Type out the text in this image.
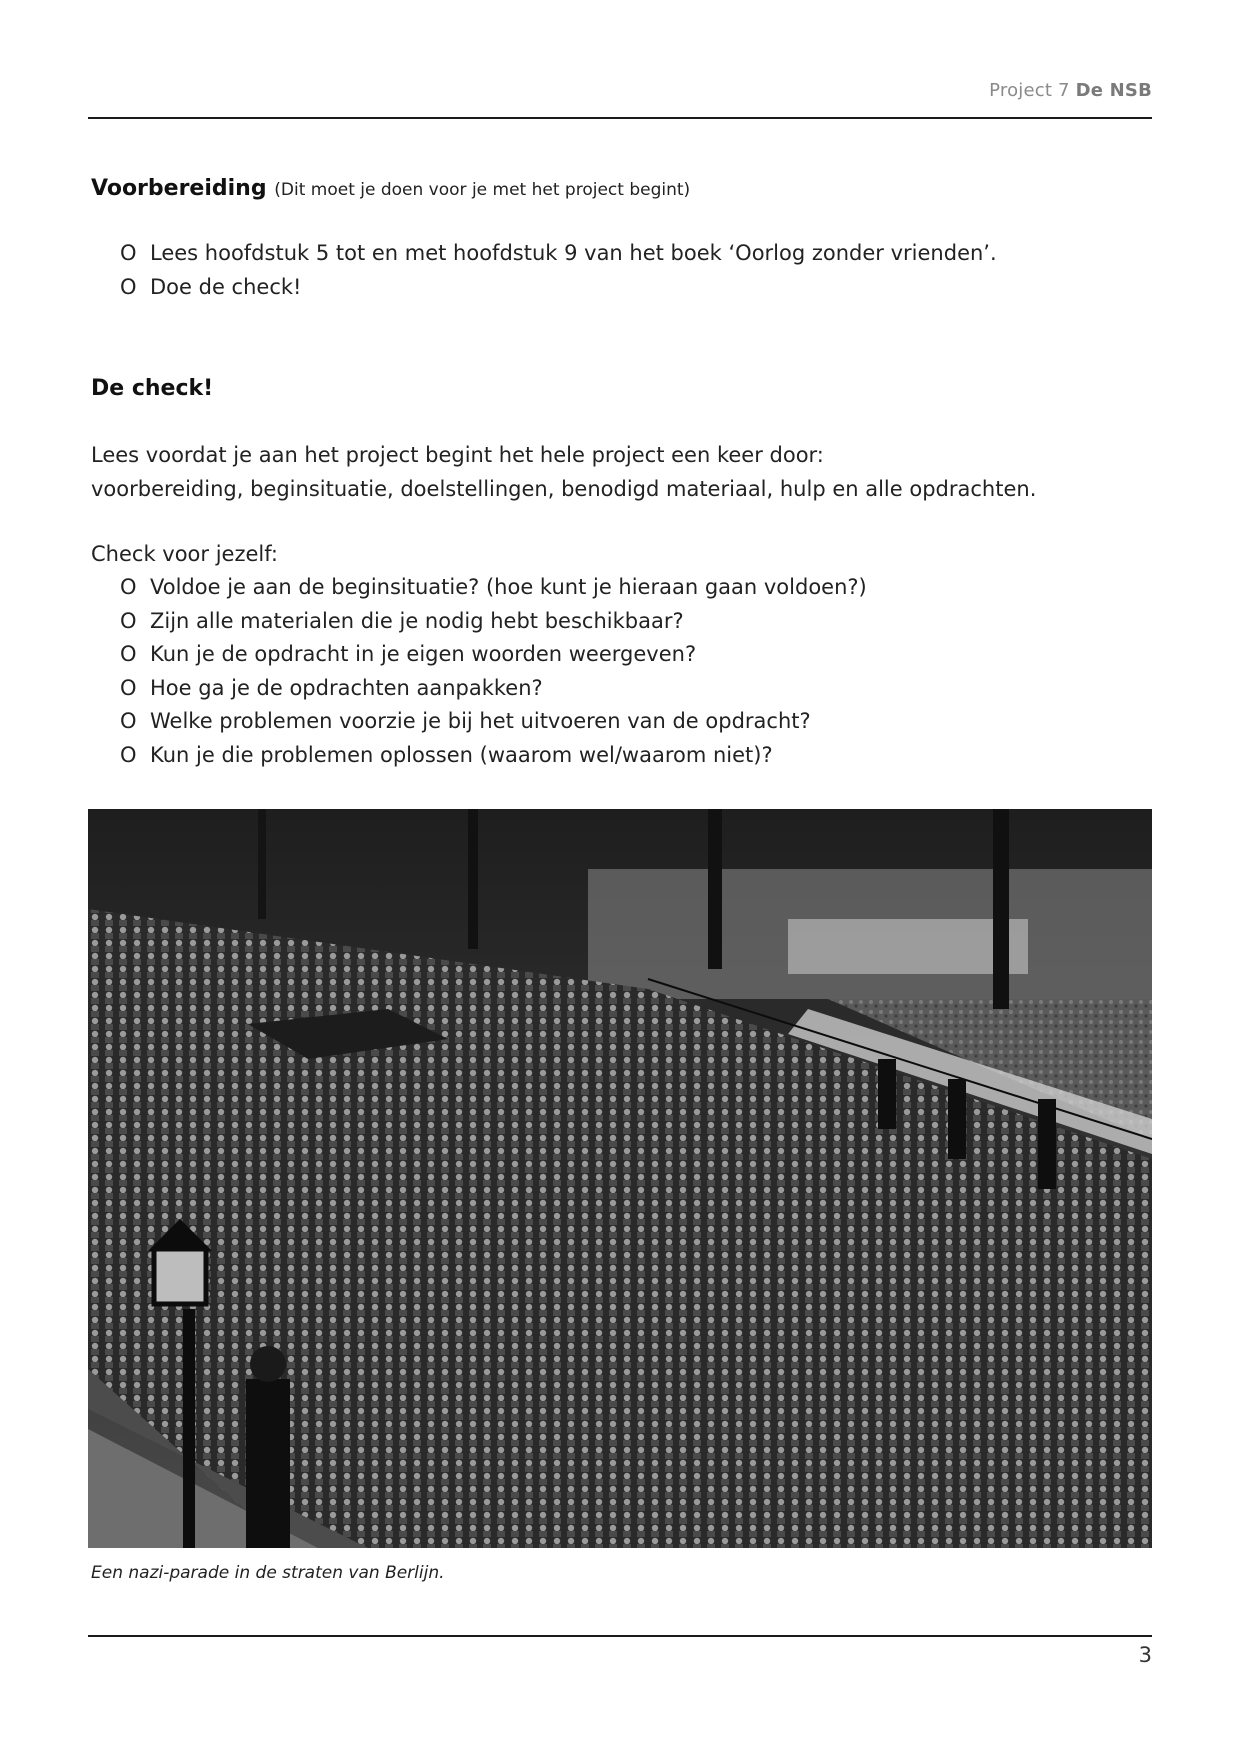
Project 7 De NSB
Voorbereiding (Dit moet je doen voor je met het project begint)
O Lees hoofdstuk 5 tot en met hoofdstuk 9 van het boek ‘Oorlog zonder vrienden’.
O Doe de check!
De check!
Lees voordat je aan het project begint het hele project een keer door:
voorbereiding, beginsituatie, doelstellingen, benodigd materiaal, hulp en alle opdrachten.
Check voor jezelf:
O Voldoe je aan de beginsituatie? (hoe kunt je hieraan gaan voldoen?)
O Zijn alle materialen die je nodig hebt beschikbaar?
O Kun je de opdracht in je eigen woorden weergeven?
O Hoe ga je de opdrachten aanpakken?
O Welke problemen voorzie je bij het uitvoeren van de opdracht?
O Kun je die problemen oplossen (waarom wel/waarom niet)?
Een nazi-parade in de straten van Berlijn.
3
